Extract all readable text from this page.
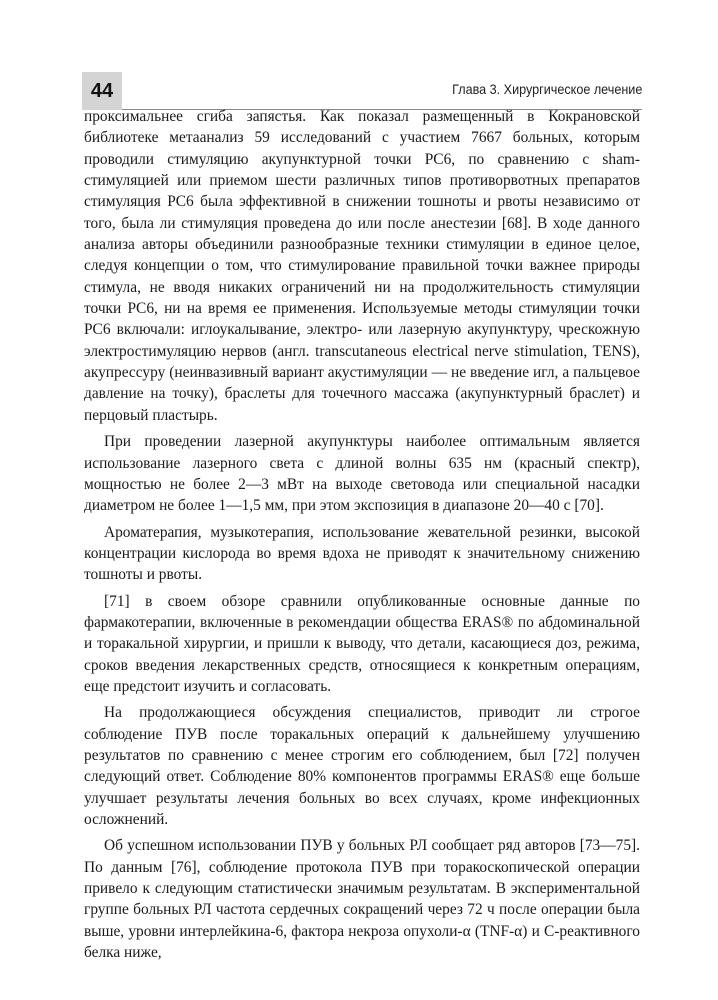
44	Глава 3. Хирургическое лечение

проксимальнее сгиба запястья. Как показал размещенный в Кокрановской библиотеке метаанализ 59 исследований с участием 7667 больных, которым проводили стимуляцию акупунктурной точки PC6, по сравнению с sham-стимуляцией или приемом шести различных типов противорвотных препаратов стимуляция PC6 была эффективной в снижении тошноты и рвоты независимо от того, была ли стимуляция проведена до или после анестезии [68]. В ходе данного анализа авторы объединили разнообразные техники стимуляции в единое целое, следуя концепции о том, что стимулирование правильной точки важнее природы стимула, не вводя никаких ограничений ни на продолжительность стимуляции точки PC6, ни на время ее применения. Используемые методы стимуляции точки PC6 включали: иглоукалывание, электро- или лазерную акупунктуру, чрескожную электростимуляцию нервов (англ. transcutaneous electrical nerve stimulation, TENS), акупрессуру (неинвазивный вариант акустимуляции — не введение игл, а пальцевое давление на точку), браслеты для точечного массажа (акупунктурный браслет) и перцовый пластырь.

При проведении лазерной акупунктуры наиболее оптимальным является использование лазерного света с длиной волны 635 нм (красный спектр), мощностью не более 2—3 мВт на выходе световода или специальной насадки диаметром не более 1—1,5 мм, при этом экспозиция в диапазоне 20—40 с [70].

Ароматерапия, музыкотерапия, использование жевательной резинки, высокой концентрации кислорода во время вдоха не приводят к значительному снижению тошноты и рвоты.

[71] в своем обзоре сравнили опубликованные основные данные по фармакотерапии, включенные в рекомендации общества ERAS® по абдоминальной и торакальной хирургии, и пришли к выводу, что детали, касающиеся доз, режима, сроков введения лекарственных средств, относящиеся к конкретным операциям, еще предстоит изучить и согласовать.

На продолжающиеся обсуждения специалистов, приводит ли строгое соблюдение ПУВ после торакальных операций к дальнейшему улучшению результатов по сравнению с менее строгим его соблюдением, был [72] получен следующий ответ. Соблюдение 80% компонентов программы ERAS® еще больше улучшает результаты лечения больных во всех случаях, кроме инфекционных осложнений.

Об успешном использовании ПУВ у больных РЛ сообщает ряд авторов [73—75]. По данным [76], соблюдение протокола ПУВ при торакоскопической операции привело к следующим статистически значимым результатам. В экспериментальной группе больных РЛ частота сердечных сокращений через 72 ч после операции была выше, уровни интерлейкина-6, фактора некроза опухоли-α (TNF-α) и С-реактивного белка ниже,
